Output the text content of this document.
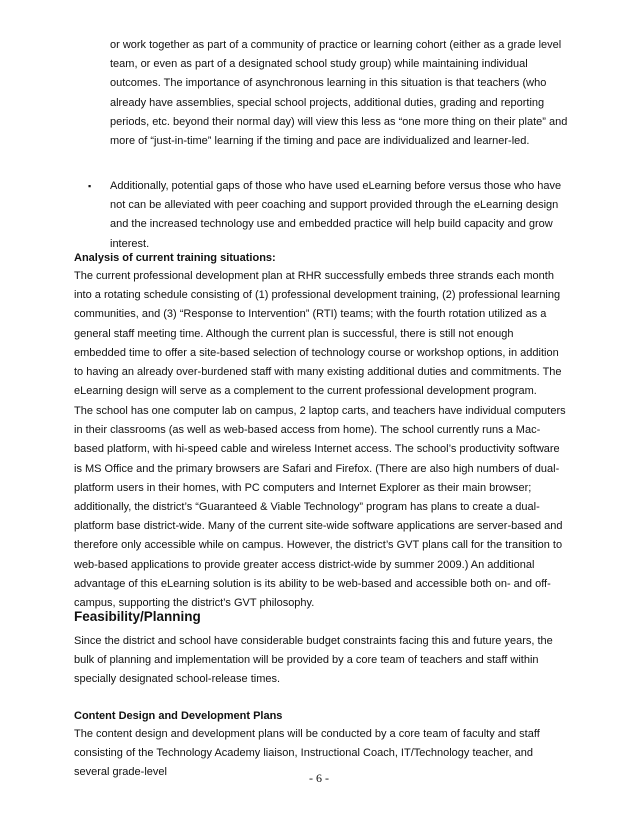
or work together as part of a community of practice or learning cohort (either as a grade level team, or even as part of a designated school study group) while maintaining individual outcomes. The importance of asynchronous learning in this situation is that teachers (who already have assemblies, special school projects, additional duties, grading and reporting periods, etc. beyond their normal day) will view this less as “one more thing on their plate” and more of “just-in-time” learning if the timing and pace are individualized and learner-led.

▪ Additionally, potential gaps of those who have used eLearning before versus those who have not can be alleviated with peer coaching and support provided through the eLearning design and the increased technology use and embedded practice will help build capacity and grow interest.

Analysis of current training situations:

The current professional development plan at RHR successfully embeds three strands each month into a rotating schedule consisting of (1) professional development training, (2) professional learning communities, and (3) “Response to Intervention” (RTI) teams; with the fourth rotation utilized as a general staff meeting time. Although the current plan is successful, there is still not enough embedded time to offer a site-based selection of technology course or workshop options, in addition to having an already over-burdened staff with many existing additional duties and commitments. The eLearning design will serve as a complement to the current professional development program.

The school has one computer lab on campus, 2 laptop carts, and teachers have individual computers in their classrooms (as well as web-based access from home). The school currently runs a Mac-based platform, with hi-speed cable and wireless Internet access. The school’s productivity software is MS Office and the primary browsers are Safari and Firefox. (There are also high numbers of dual-platform users in their homes, with PC computers and Internet Explorer as their main browser; additionally, the district’s “Guaranteed & Viable Technology” program has plans to create a dual-platform base district-wide. Many of the current site-wide software applications are server-based and therefore only accessible while on campus. However, the district’s GVT plans call for the transition to web-based applications to provide greater access district-wide by summer 2009.) An additional advantage of this eLearning solution is its ability to be web-based and accessible both on- and off-campus, supporting the district’s GVT philosophy.

Feasibility/Planning

Since the district and school have considerable budget constraints facing this and future years, the bulk of planning and implementation will be provided by a core team of teachers and staff within specially designated school-release times.

Content Design and Development Plans

The content design and development plans will be conducted by a core team of faculty and staff consisting of the Technology Academy liaison, Instructional Coach, IT/Technology teacher, and several grade-level	- 6 -
